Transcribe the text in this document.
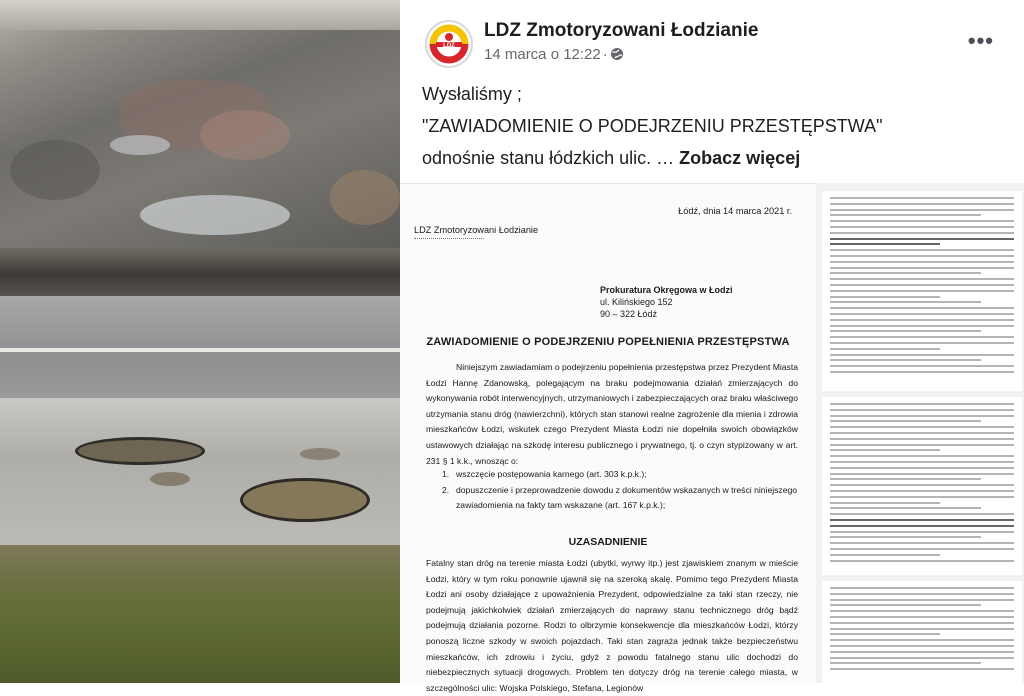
LDZ
LDZ Zmotoryzowani Łodzianie
14 marca o 12:22 ·
•••

Wysłaliśmy ;

"ZAWIADOMIENIE O PODEJRZENIU PRZESTĘPSTWA"

odnośnie stanu łódzkich ulic. … Zobacz więcej

Łódź, dnia 14 marca 2021 r.
LDZ Zmotoryzowani Łodzianie
Prokuratura Okręgowa w Łodzi
ul. Kilińskiego 152
90 – 322 Łódź
ZAWIADOMIENIE O PODEJRZENIU POPEŁNIENIA PRZESTĘPSTWA

Niniejszym zawiadamiam o podejrzeniu popełnienia przestępstwa przez Prezydent Miasta Łodzi Hannę Zdanowską, polegającym na braku podejmowania działań zmierzających do wykonywania robót interwencyjnych, utrzymaniowych i zabezpieczających oraz braku właściwego utrzymania stanu dróg (nawierzchni), których stan stanowi realne zagrożenie dla mienia i zdrowia mieszkańców Łodzi, wskutek czego Prezydent Miasta Łodzi nie dopełniła swoich obowiązków ustawowych działając na szkodę interesu publicznego i prywatnego, tj. o czyn stypizowany w art. 231 § 1 k.k., wnosząc o:

1. wszczęcie postępowania karnego (art. 303 k.p.k.);
2. dopuszczenie i przeprowadzenie dowodu z dokumentów wskazanych w treści niniejszego zawiadomienia na fakty tam wskazane (art. 167 k.p.k.);
UZASADNIENIE

Fatalny stan dróg na terenie miasta Łodzi (ubytki, wyrwy itp.) jest zjawiskiem znanym w mieście Łodzi, który w tym roku ponownie ujawnił się na szeroką skalę. Pomimo tego Prezydent Miasta Łodzi ani osoby działające z upoważnienia Prezydent, odpowiedzialne za taki stan rzeczy, nie podejmują jakichkolwiek działań zmierzających do naprawy stanu technicznego dróg bądź podejmują działania pozorne. Rodzi to olbrzymie konsekwencje dla mieszkańców Łodzi, którzy ponoszą liczne szkody w swoich pojazdach. Taki stan zagraża jednak także bezpieczeństwu mieszkańców, ich zdrowiu i życiu, gdyż z powodu fatalnego stanu ulic dochodzi do niebezpiecznych sytuacji drogowych. Problem ten dotyczy dróg na terenie całego miasta, w szczególności ulic: Wojska Polskiego, Stefana, Legionów
